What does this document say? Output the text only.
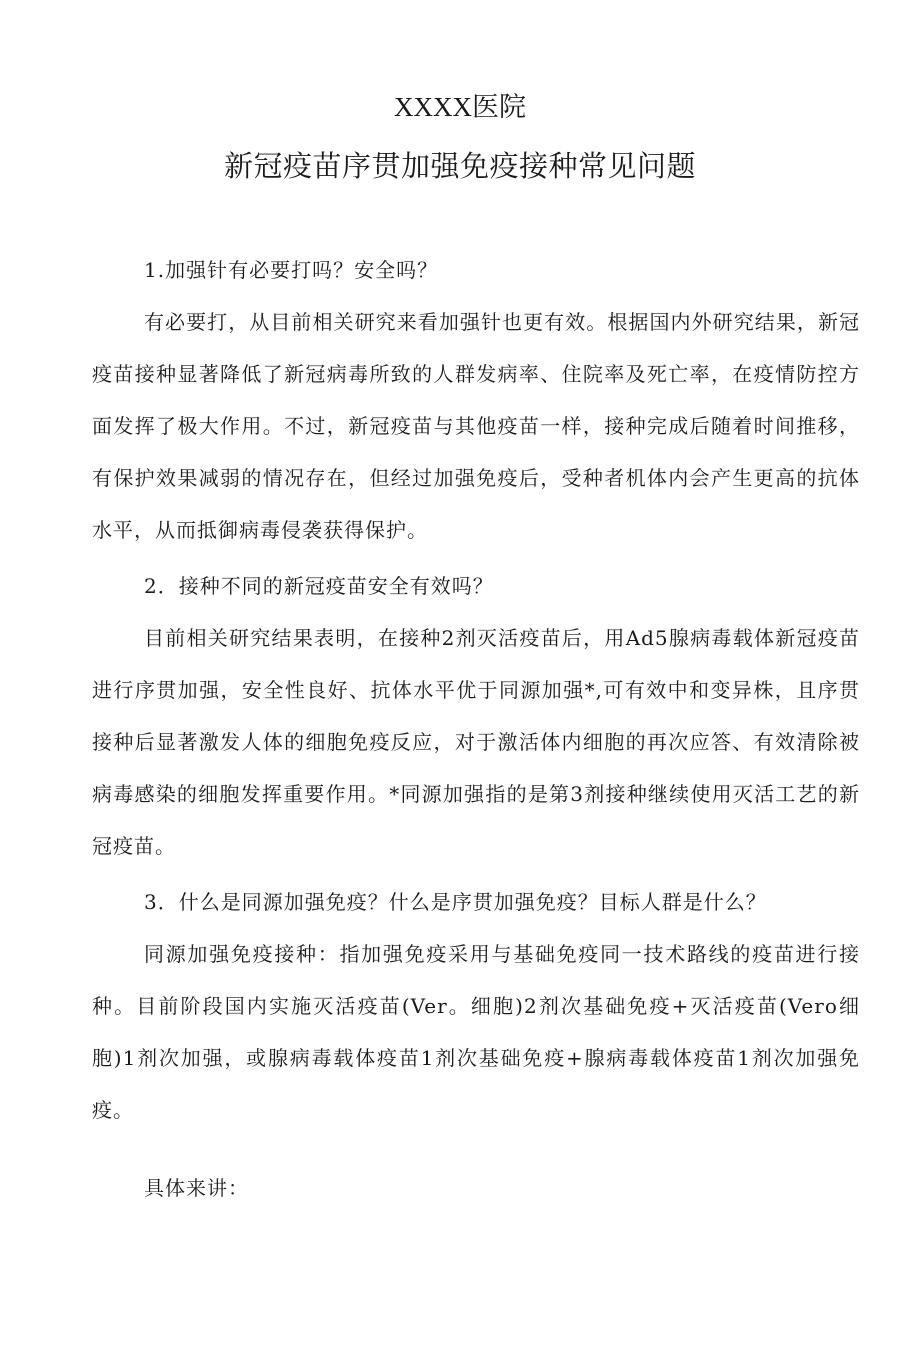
XXXX医院
新冠疫苗序贯加强免疫接种常见问题
1.加强针有必要打吗？安全吗？
有必要打，从目前相关研究来看加强针也更有效。根据国内外研究结果，新冠疫苗接种显著降低了新冠病毒所致的人群发病率、住院率及死亡率，在疫情防控方面发挥了极大作用。不过，新冠疫苗与其他疫苗一样，接种完成后随着时间推移，有保护效果减弱的情况存在，但经过加强免疫后，受种者机体内会产生更高的抗体水平，从而抵御病毒侵袭获得保护。
2．接种不同的新冠疫苗安全有效吗？
目前相关研究结果表明，在接种2剂灭活疫苗后，用Ad5腺病毒载体新冠疫苗进行序贯加强，安全性良好、抗体水平优于同源加强*,可有效中和变异株，且序贯接种后显著激发人体的细胞免疫反应，对于激活体内细胞的再次应答、有效清除被病毒感染的细胞发挥重要作用。*同源加强指的是第3剂接种继续使用灭活工艺的新冠疫苗。
3．什么是同源加强免疫？什么是序贯加强免疫？目标人群是什么？
同源加强免疫接种：指加强免疫采用与基础免疫同一技术路线的疫苗进行接种。目前阶段国内实施灭活疫苗(Ver。细胞)2剂次基础免疫+灭活疫苗(Vero细胞)1剂次加强，或腺病毒载体疫苗1剂次基础免疫+腺病毒载体疫苗1剂次加强免疫。
具体来讲：
